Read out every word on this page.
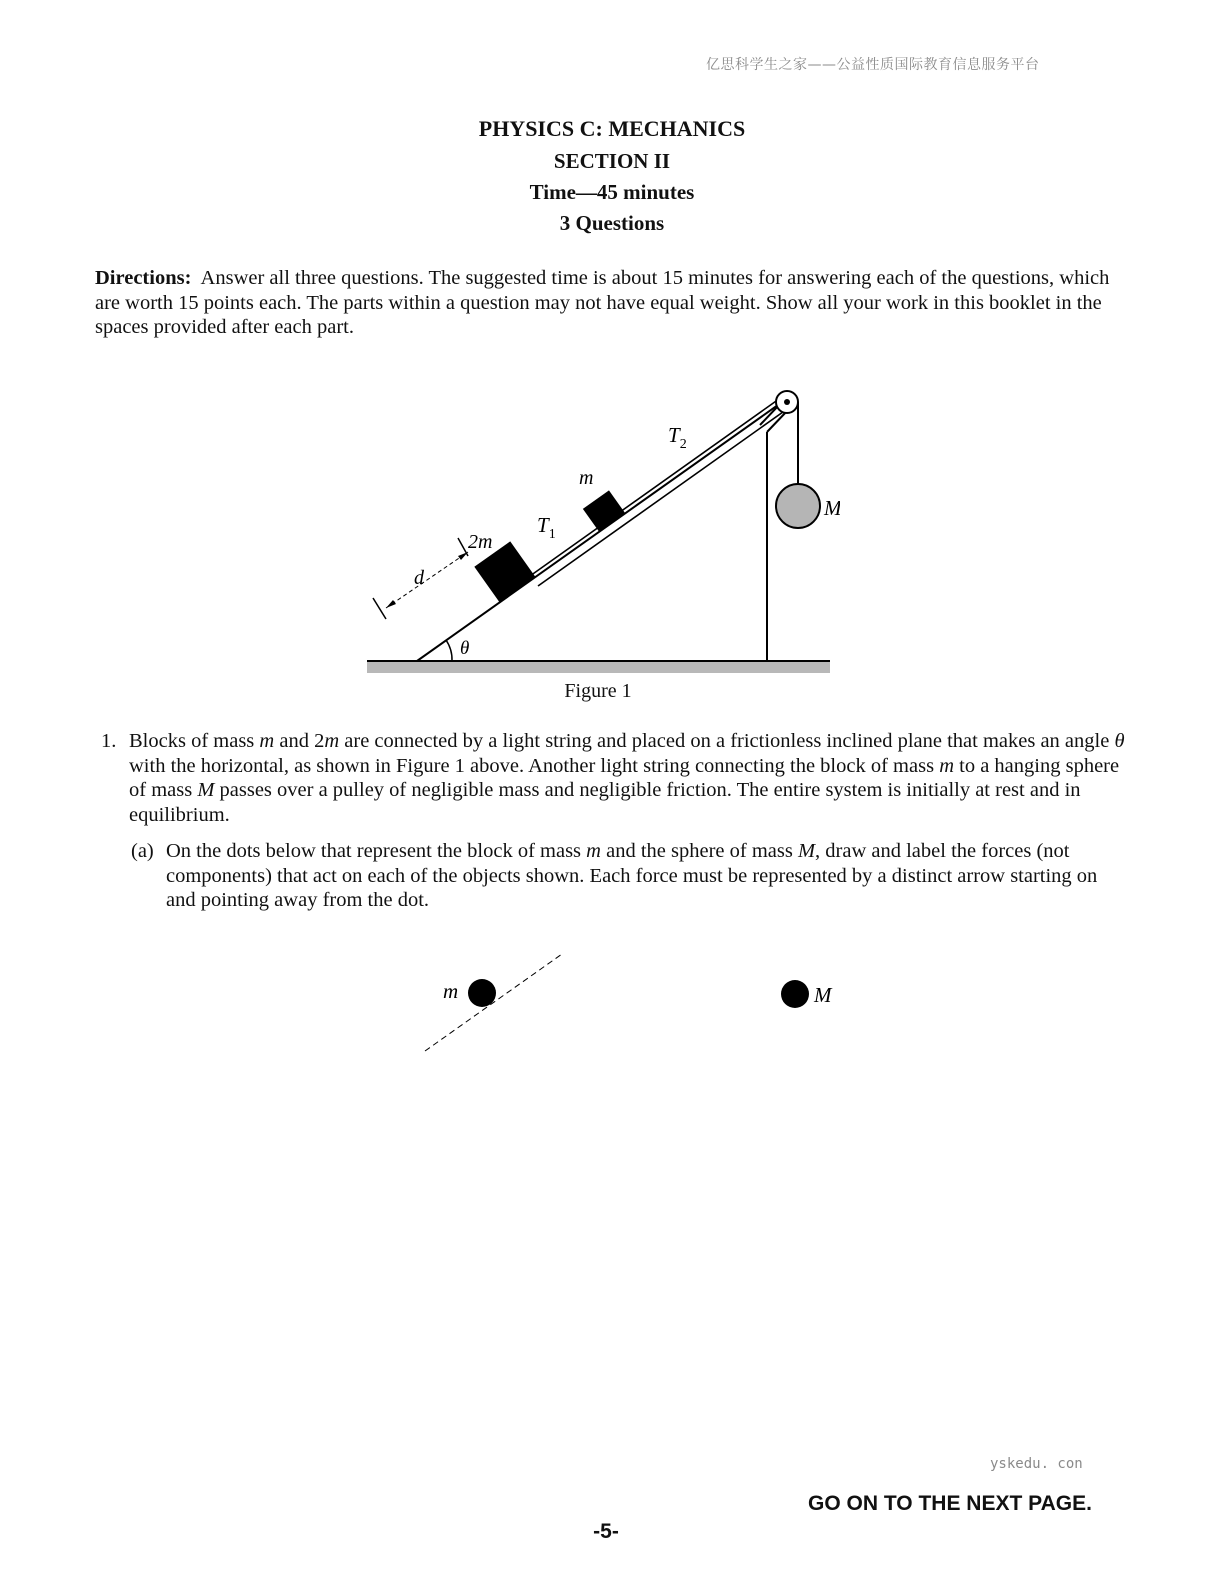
亿思科学生之家——公益性质国际教育信息服务平台
PHYSICS C: MECHANICS
SECTION II
Time—45 minutes
3 Questions
Directions: Answer all three questions. The suggested time is about 15 minutes for answering each of the questions, which are worth 15 points each. The parts within a question may not have equal weight. Show all your work in this booklet in the spaces provided after each part.
$T_2$
m
$T_1$
2m
M
d
θ
Figure 1
1. Blocks of mass m and 2m are connected by a light string and placed on a frictionless inclined plane that makes an angle θ with the horizontal, as shown in Figure 1 above. Another light string connecting the block of mass m to a hanging sphere of mass M passes over a pulley of negligible mass and negligible friction. The entire system is initially at rest and in equilibrium.
(a) On the dots below that represent the block of mass m and the sphere of mass M, draw and label the forces (not components) that act on each of the objects shown. Each force must be represented by a distinct arrow starting on and pointing away from the dot.
m	M
yskedu. con
GO ON TO THE NEXT PAGE.
-5-
